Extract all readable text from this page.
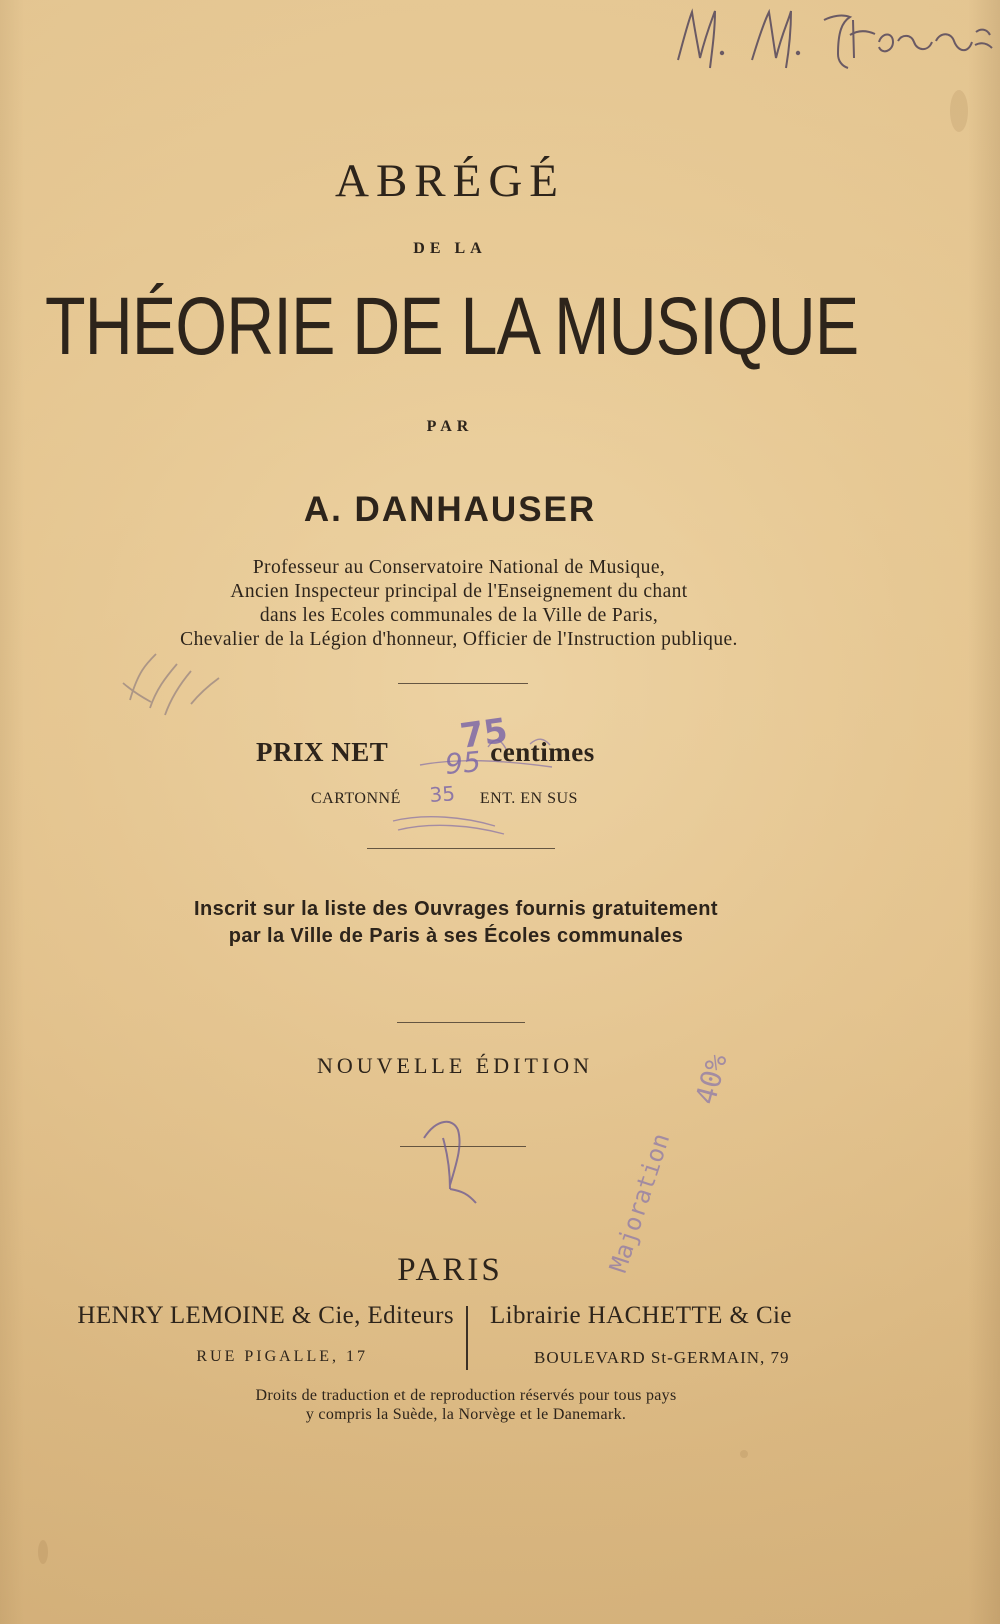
ABRÉGÉ
DE LA
THÉORIE DE LA MUSIQUE
PAR
A. DANHAUSER
Professeur au Conservatoire National de Musique,
Ancien Inspecteur principal de l'Enseignement du chant
dans les Ecoles communales de la Ville de Paris,
Chevalier de la Légion d'honneur, Officier de l'Instruction publique.
PRIX NET	centimes
CARTONNÉ	ENT. EN SUS
Inscrit sur la liste des Ouvrages fournis gratuitement
par la Ville de Paris à ses Écoles communales
NOUVELLE ÉDITION
PARIS
HENRY LEMOINE & Cie, Editeurs
RUE PIGALLE, 17
Librairie HACHETTE & Cie
BOULEVARD St-GERMAIN, 79
Droits de traduction et de reproduction réservés pour tous pays
y compris la Suède, la Norvège et le Danemark.
75
95
35
Majoration
40%
